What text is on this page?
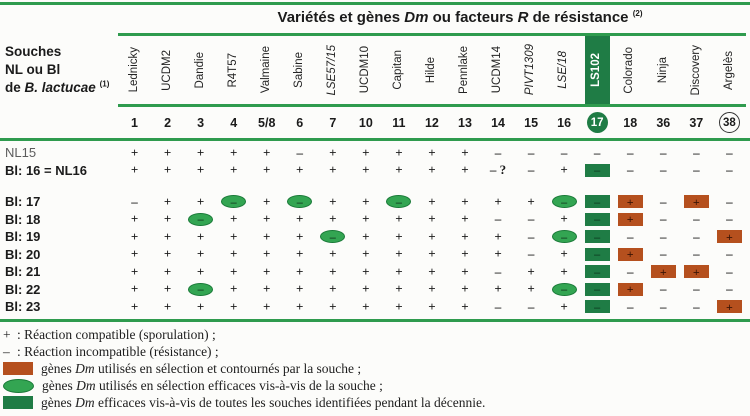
Variétés et gènes Dm ou facteurs R de résistance $^{(2)}$
Souches
NL ou Bl
de B. lactucae $^{(1)}$ Lednicky UCDM2 Dandie R4T57 Valmaine Sabine LSE57/15 UCDM10 Capitan Hilde Pennlake UCDM14 PIVT1309 LSE/18 LS102 Colorado Ninja Discovery Argelès
1 2 3 4 5/8 6 7 10 11 12 13 14 15 16	17	18 36 37	38
NL15	+	+	+	+	+	–	+	+	+	+	+	–	–	–	–	–	–	–	–
Bl: 16 = NL16	+	+	+	+	+	+	+	+	+	+	+	– ?	–	+	–	–	–	–	–
Bl: 17	–	+	+	–	+	–	+	+	–	+	+	+	+	–	–	+	–	+	–
Bl: 18	+	+	–	+	+	+	+	+	+	+	+	–	–	+	–	+	–	–	–
Bl: 19	+	+	+	+	+	+	–	+	+	+	+	+	–	–	–	–	–	–	+
Bl: 20	+	+	+	+	+	+	+	+	+	+	+	+	–	+	–	+	–	–	–
Bl: 21	+	+	+	+	+	+	+	+	+	+	+	–	+	+	–	–	+	+	–
Bl: 22	+	+	–	+	+	+	+	+	+	+	+	+	+	–	–	+	–	–	–
Bl: 23	+	+	+	+	+	+	+	+	+	+	+	–	–	+	–	–	–	–	+
+ : Réaction compatible (sporulation) ;
– : Réaction incompatible (résistance) ;
gènes Dm utilisés en sélection et contournés par la souche ;
gènes Dm utilisés en sélection efficaces vis-à-vis de la souche ;
gènes Dm efficaces vis-à-vis de toutes les souches identifiées pendant la décennie.
